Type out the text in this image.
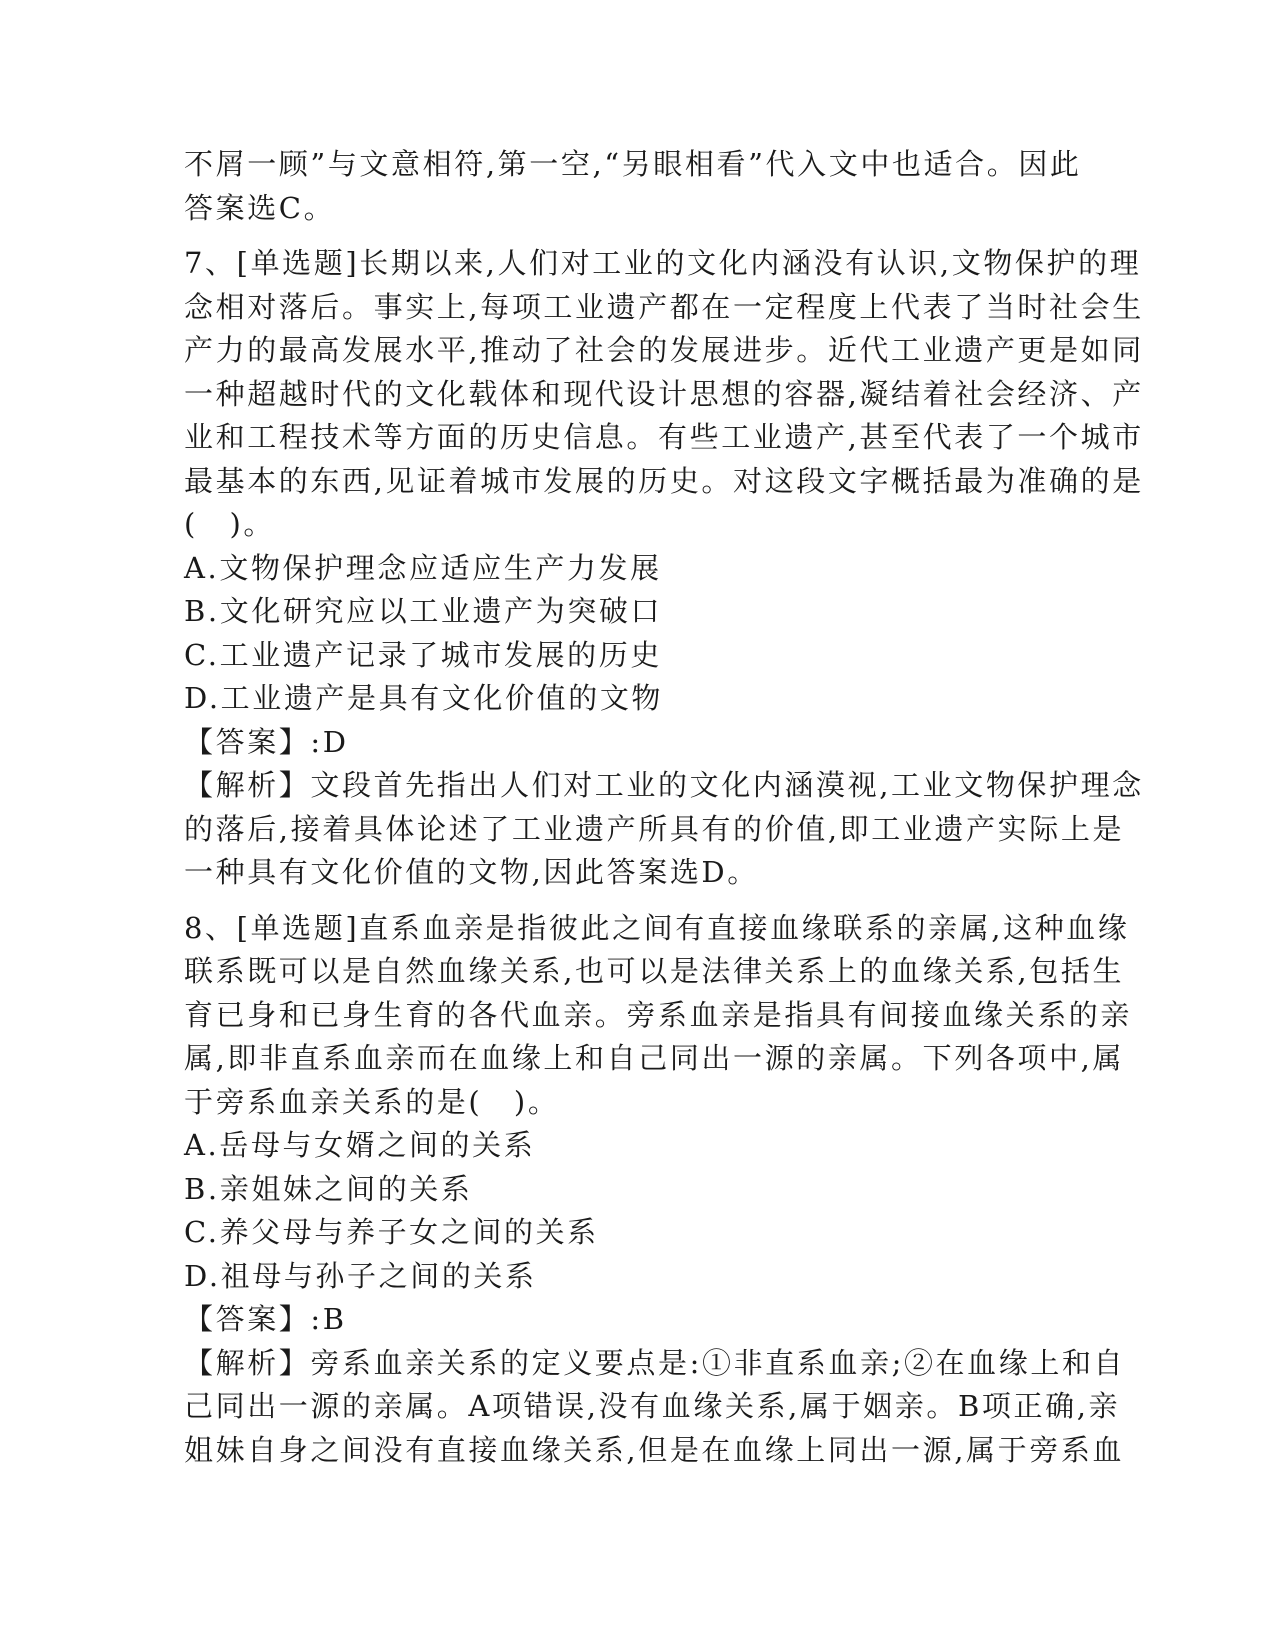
不屑一顾”与文意相符,第一空,“另眼相看”代入文中也适合。因此
答案选C。
7、[单选题]长期以来,人们对工业的文化内涵没有认识,文物保护的理
念相对落后。事实上,每项工业遗产都在一定程度上代表了当时社会生
产力的最高发展水平,推动了社会的发展进步。近代工业遗产更是如同
一种超越时代的文化载体和现代设计思想的容器,凝结着社会经济、产
业和工程技术等方面的历史信息。有些工业遗产,甚至代表了一个城市
最基本的东西,见证着城市发展的历史。对这段文字概括最为准确的是
(　)。
A.文物保护理念应适应生产力发展
B.文化研究应以工业遗产为突破口
C.工业遗产记录了城市发展的历史
D.工业遗产是具有文化价值的文物
【答案】:D
【解析】文段首先指出人们对工业的文化内涵漠视,工业文物保护理念
的落后,接着具体论述了工业遗产所具有的价值,即工业遗产实际上是
一种具有文化价值的文物,因此答案选D。
8、[单选题]直系血亲是指彼此之间有直接血缘联系的亲属,这种血缘
联系既可以是自然血缘关系,也可以是法律关系上的血缘关系,包括生
育已身和已身生育的各代血亲。旁系血亲是指具有间接血缘关系的亲
属,即非直系血亲而在血缘上和自己同出一源的亲属。下列各项中,属
于旁系血亲关系的是(　)。
A.岳母与女婿之间的关系
B.亲姐妹之间的关系
C.养父母与养子女之间的关系
D.祖母与孙子之间的关系
【答案】:B
【解析】旁系血亲关系的定义要点是:①非直系血亲;②在血缘上和自
己同出一源的亲属。A项错误,没有血缘关系,属于姻亲。B项正确,亲
姐妹自身之间没有直接血缘关系,但是在血缘上同出一源,属于旁系血
